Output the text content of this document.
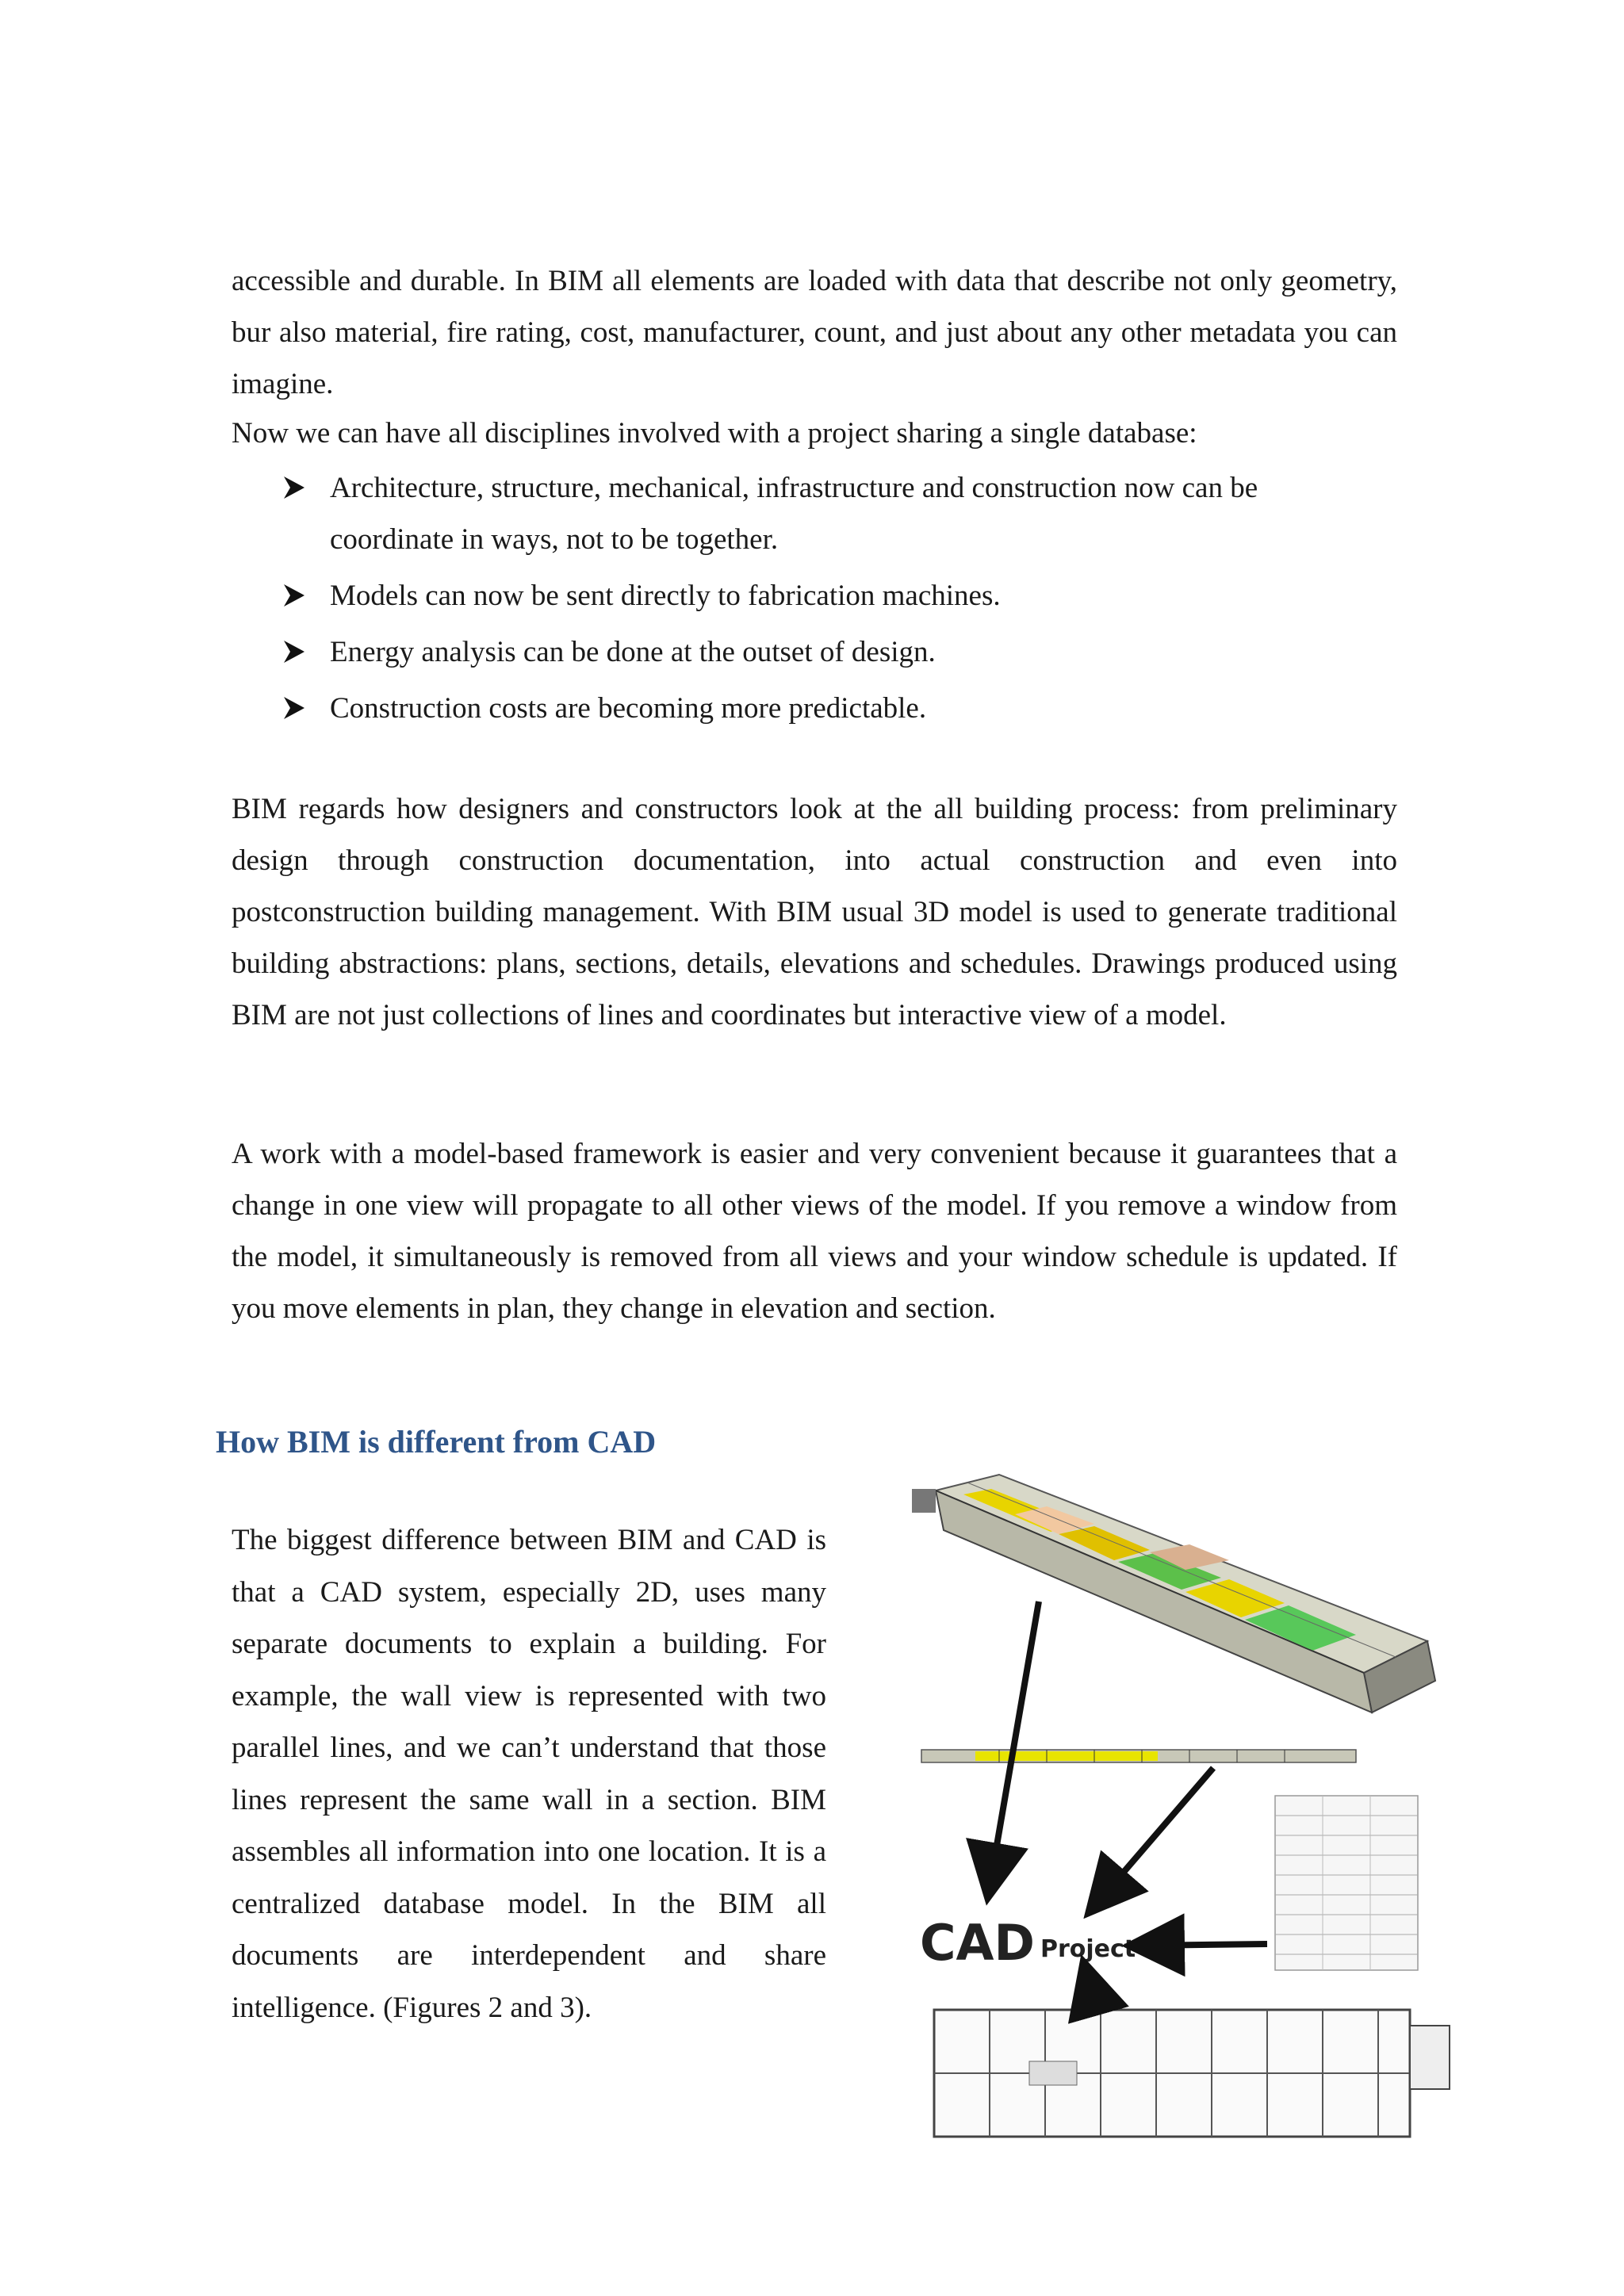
accessible and durable. In BIM all elements are loaded with data that describe not only geometry, bur also material, fire rating, cost, manufacturer, count, and just about any other metadata you can imagine.

Now we can have all disciplines involved with a project sharing a single database:

Architecture, structure, mechanical, infrastructure and construction now can be coordinate in ways, not to be together.
Models can now be sent directly to fabrication machines.
Energy analysis can be done at the outset of design.
Construction costs are becoming more predictable.

BIM regards how designers and constructors look at the all building process: from preliminary design through construction documentation, into actual construction and even into postconstruction building management. With BIM usual 3D model is used to generate traditional building abstractions: plans, sections, details, elevations and schedules. Drawings produced using BIM are not just collections of lines and coordinates but interactive view of a model.

A work with a model-based framework is easier and very convenient because it guarantees that a change in one view will propagate to all other views of the model. If you remove a window from the model, it simultaneously is removed from all views and your window schedule is updated. If you move elements in plan, they change in elevation and section.

How BIM is different from CAD

The biggest difference between BIM and CAD is that a CAD system, especially 2D, uses many separate documents to explain a building. For example, the wall view is represented with two parallel lines, and we can’t understand that those lines represent the same wall in a section. BIM assembles all information into one location. It is a centralized database model. In the BIM all documents are interdependent and share intelligence. (Figures 2 and 3).

CAD Project
